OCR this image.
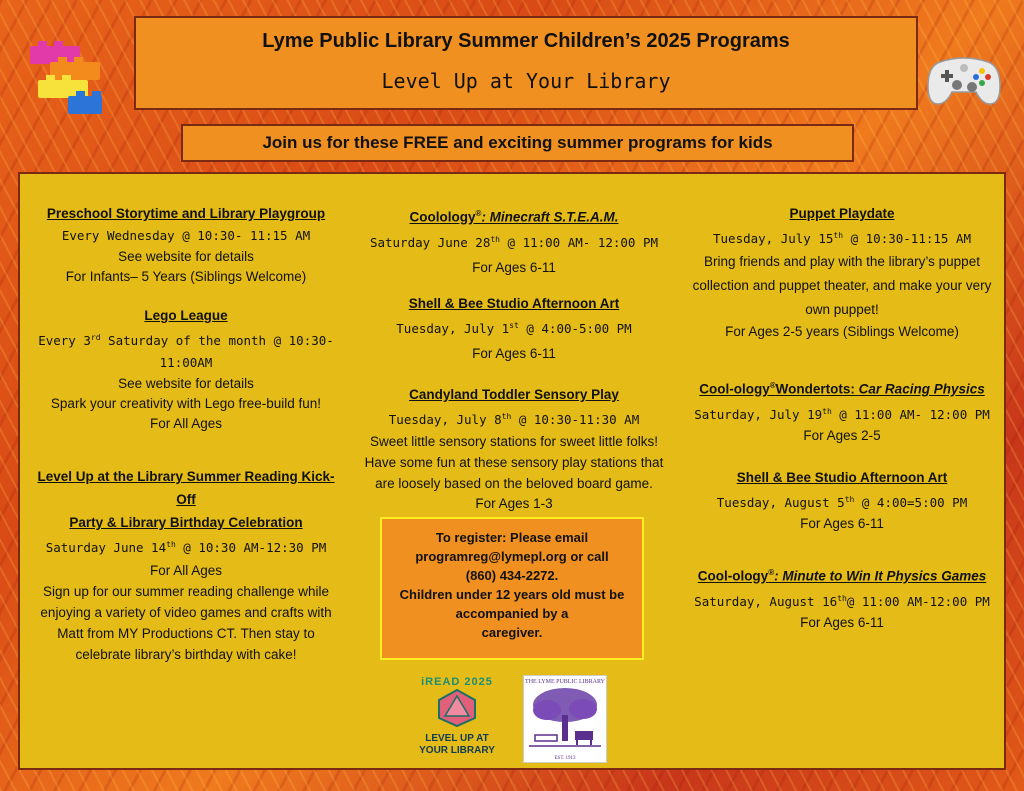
Lyme Public Library Summer Children’s 2025 Programs
Level Up at Your Library
Join us for these FREE and exciting summer programs for kids
Preschool Storytime and Library Playgroup
Every Wednesday @ 10:30- 11:15 AM
See website for details
For Infants– 5 Years (Siblings Welcome)
Lego League
Every 3rd Saturday of the month @ 10:30-
11:00AM
See website for details
Spark your creativity with Lego free-build fun!
For All Ages
Level Up at the Library Summer Reading Kick-Off
Party & Library Birthday Celebration
Saturday June 14th @ 10:30 AM-12:30 PM
For All Ages
Sign up for our summer reading challenge while enjoying a variety of video games and crafts with Matt from MY Productions CT. Then stay to celebrate library’s birthday with cake!
Coolology®: Minecraft S.T.E.A.M.
Saturday June 28th @ 11:00 AM- 12:00 PM
For Ages 6-11
Shell & Bee Studio Afternoon Art
Tuesday, July 1st @ 4:00-5:00 PM
For Ages 6-11
Candyland Toddler Sensory Play
Tuesday, July 8th @ 10:30-11:30 AM
Sweet little sensory stations for sweet little folks! Have some fun at these sensory play stations that are loosely based on the beloved board game.
For Ages 1-3
Puppet Playdate
Tuesday, July 15th @ 10:30-11:15 AM
Bring friends and play with the library’s puppet collection and puppet theater, and make your very own puppet!
For Ages 2-5 years (Siblings Welcome)
Cool-ology®Wondertots: Car Racing Physics
Saturday, July 19th @ 11:00 AM- 12:00 PM
For Ages 2-5
Shell & Bee Studio Afternoon Art
Tuesday, August 5th @ 4:00=5:00 PM
For Ages 6-11
Cool-ology®: Minute to Win It Physics Games
Saturday, August 16th@ 11:00 AM-12:00 PM
For Ages 6-11
To register: Please email
programreg@lymepl.org or call
(860) 434-2272.
Children under 12 years old must be
accompanied by a
caregiver.
iREAD 2025
LEVEL UP AT
YOUR LIBRARY
THE LYME PUBLIC LIBRARY
EST. 1913
